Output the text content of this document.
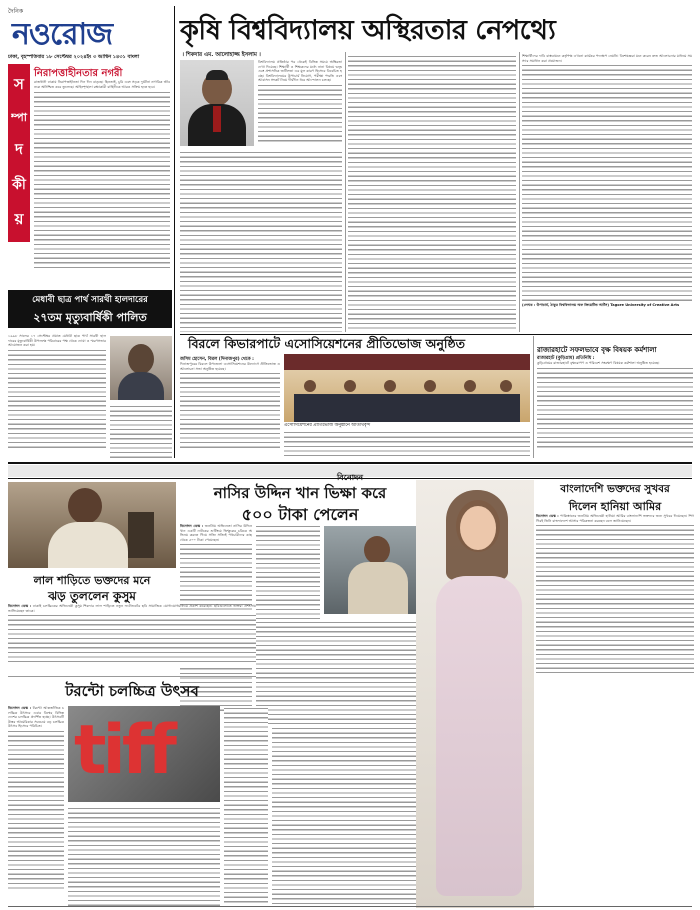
দৈনিক
নওরোজ
ঢাকা, বৃহস্পতিবার ১৮ সেপ্টেম্বর ২০২৪ইং ৩ আশ্বিন ১৪৩১ বাংলা
স
ম্পা
দ
কী
য়
নিরাপত্তাহীনতার নগরী
রাজধানী ঢাকায় নিরাপত্তাহীনতা দিন দিন বাড়ছে। ছিনতাই, চুরি এবং সড়ক দুর্ঘটনা নাগরিক জীবনকে অনিশ্চিত করে তুলেছে। আইনশৃঙ্খলা রক্ষাকারী বাহিনীকে আরও সক্রিয় হতে হবে।
মেধাবী ছাত্র পার্থ সারথী হালদারের
২৭তম মৃত্যুবার্ষিকী পালিত
১৯৯৮ সালের ১৭ সেপ্টেম্বর প্রয়াত মেধাবী ছাত্র পার্থ সারথী হালদারের মৃত্যুবার্ষিকী উপলক্ষে পরিবারের পক্ষ থেকে দোয়া ও স্মরণসভার আয়োজন করা হয়।
কৃষি বিশ্ববিদ্যালয় অস্থিরতার নেপথ্যে
। শিকদার এম. আলোহাজ্জ ইসলাম ।
বিশ্ববিদ্যালয় প্রতিষ্ঠার পর থেকেই বিভিন্ন সময়ে অস্থিরতা দেখা দিয়েছে। শিক্ষার্থী ও শিক্ষকদের মধ্যে নানা বিষয়ে দ্বন্দ্ব এবং প্রশাসনিক জটিলতা এর মূল কারণ হিসেবে বিবেচিত হচ্ছে। বিশ্ববিদ্যালয়ের উপাচার্য নিয়োগ, পরীক্ষা পদ্ধতি এবং আবাসন সংকট নিয়ে দীর্ঘদিন ধরে আন্দোলন চলছে।
শিক্ষার্থীদের দাবি বাস্তবায়নে কর্তৃপক্ষ এখনো কার্যকর পদক্ষেপ নেয়নি। বিশেষজ্ঞরা মনে করেন দ্রুত আলোচনার মাধ্যমে সমস্যার সমাধান করা প্রয়োজন।
(লেখক : উপাচার্য, ঠাকুর বিশ্ববিদ্যালয় অফ ক্রিয়েটিভ আর্টস) Tagore University of Creative Arts
বিরলে কিভারপাটে এসোসিয়েশনের প্রীতিভোজ অনুষ্ঠিত
জসিম হোসেন, বিরল (দিনাজপুর) থেকে :
দিনাজপুরের বিরলে উপজেলা এসোসিয়েশনের উদ্যোগে প্রীতিভোজ ও আলোচনা সভা অনুষ্ঠিত হয়েছে।
এসোসিয়েশনের প্রীতিভোজ অনুষ্ঠানে অতিথিবৃন্দ
রাজারহাটে সফলভাবে বৃক্ষ বিষয়ক কর্মশালা
রাজারহাট (কুড়িগ্রাম) প্রতিনিধি :
কুড়িগ্রামের রাজারহাটে বৃক্ষরোপণ ও পরিবেশ সংরক্ষণ বিষয়ক কর্মশালা অনুষ্ঠিত হয়েছে।
নাসির উদ্দিন খান ভিক্ষা করে
৫০০ টাকা পেলেন
বিনোদন ডেস্ক : জনপ্রিয় অভিনেতা নাসির উদ্দিন খান একটি নাটকের শুটিংয়ে ভিক্ষুকের চরিত্রে অভিনয় করতে গিয়ে সত্যি সত্যিই পথচারীদের কাছ থেকে ৫০০ টাকা পেয়েছেন।
লাল শাড়িতে ভক্তদের মনে
ঝড় তুললেন কুসুম
বিনোদন ডেস্ক : ঢাকাই চলচ্চিত্রের অভিনেত্রী কুসুম শিকদার লাল শাড়িতে নতুন ফটোশুটের ছবি সামাজিক যোগাযোগমাধ্যমে প্রকাশ করেছেন। ছবিগুলোতে ভক্তরা প্রশংসায় ভাসিয়েছেন তাকে।
টরন্টো চলচ্চিত্র উৎসব
বিনোদন ডেস্ক : টরন্টো আন্তর্জাতিক চলচ্চিত্র উৎসবে এবার বিশ্বের বিভিন্ন দেশের চলচ্চিত্র প্রদর্শিত হচ্ছে। উৎসবটি উত্তর আমেরিকার সবচেয়ে বড় চলচ্চিত্র উৎসব হিসেবে পরিচিত। tiff
বাংলাদেশি ভক্তদের সুখবর
দিলেন হানিয়া আমির
বিনোদন ডেস্ক : পাকিস্তানের জনপ্রিয় অভিনেত্রী হানিয়া আমির বাংলাদেশি ভক্তদের জন্য সুখবর দিয়েছেন। শিগগিরই তিনি বাংলাদেশে আসার পরিকল্পনা করছেন বলে জানিয়েছেন।
